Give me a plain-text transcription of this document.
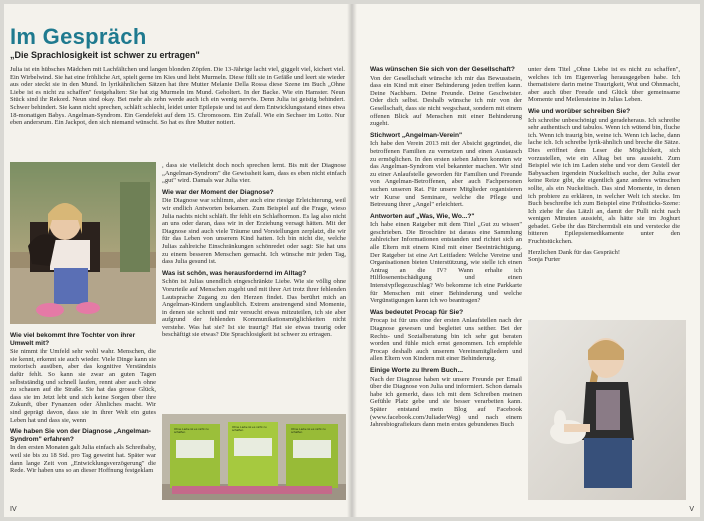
Im Gespräch

„Die Sprachlosigkeit ist schwer zu ertragen"

Julia ist ein hübsches Mädchen mit Lachfältchen und langen blonden Zöpfen. Die 13-Jährige lacht viel, giggelt viel, kichert viel. Ein Wirbelwind. Sie hat eine fröhliche Art, spielt gerne im Kies und liebt Murmeln. Diese füllt sie in Gefäße und leert sie wieder aus oder steckt sie in den Mund. In lyrikähnlichen Sätzen hat ihre Mutter Melanie Della Rossa diese Szene im Buch „Ohne Liebe ist es nicht zu schaffen" festgehalten: Sie hat zig Murmeln im Mund. Geholtert. In der Backe. Wie ein Hamster. Neun Stück sind ihr Rekord. Neun sind okay. Bei mehr als zehn werde auch ich ein wenig nervös. Denn Julia ist geistig behindert. Schwer behindert. Sie kann nicht sprechen, schläft schlecht, leidet unter Epilepsie und ist auf dem Entwicklungsstand eines etwa 18-monatigen Babys. Angelman-Syndrom. Ein Gendefekt auf dem 15. Chromosom. Ein Zufall. Wie ein Sechser im Lotto. Nur eben andersrum. Ein Jackpot, den sich niemand wünscht. So hat es ihre Mutter notiert.

, dass sie vielleicht doch noch sprechen lernt. Bis mit der Diagnose „Angelman-Syndrom" die Gewissheit kam, dass es eben nicht einfach „gut" wird. Damals war Julia vier.

Wie war der Moment der Diagnose?

Die Diagnose war schlimm, aber auch eine riesige Erleichterung, weil wir endlich Antworten bekamen. Zum Beispiel auf die Frage, wieso Julia nachts nicht schläft. Ihr fehlt ein Schlafhormon. Es lag also nicht an uns oder daran, dass wir in der Erziehung versagt hätten. Mit der Diagnose sind auch viele Träume und Vorstellungen zerplatzt, die wir für das Leben von unserem Kind hatten. Ich bin nicht die, welche Julias zahlreiche Einschränkungen schönredet oder sagt: Sie hat uns zu einem besseren Menschen gemacht. Ich wünsche mir jeden Tag, dass Julia gesund ist.

Was ist schön, was herausfordernd im Alltag?

Schön ist Julias unendlich eingeschränkte Liebe. Wie sie völlig ohne Vorurteile auf Menschen zugeht und mit ihrer Art trotz ihrer fehlenden Lautsprache Zugang zu den Herzen findet. Das berührt mich an Angelman-Kindern unglaublich. Extrem anstrengend sind Momente, in denen sie schreit und mir versucht etwas mitzuteilen, ich sie aber aufgrund der fehlenden Kommunikationsmöglichkeiten nicht verstehe. Was hat sie? Ist sie traurig? Hat sie etwas traurig oder beschäftigt sie etwas? Die Sprachlosigkeit ist schwer zu ertragen.

Wie viel bekommt Ihre Tochter von ihrer Umwelt mit?

Sie nimmt ihr Umfeld sehr wohl wahr. Menschen, die sie kennt, erkennt sie auch wieder. Viele Dinge kann sie motorisch ausüben, aber das kognitive Verständnis dafür fehlt. So kann sie zwar an guten Tagen selbstständig und schnell laufen, rennt aber auch ohne zu schauen auf die Straße. Sie hat das grosse Glück, dass sie im Jetzt lebt und sich keine Sorgen über ihre Zukunft, über Fynanzen oder Ähnliches macht. Wir sind geprägt davon, dass sie in ihrer Welt ein gutes Leben hat und dass sie, wenn

Wie haben Sie von der Diagnose „Angelman-Syndrom" erfahren?

In den ersten Monaten galt Julia einfach als Schreibaby, weil sie bis zu 18 Std. pro Tag geweint hat. Später war dann lange Zeit von „Entwicklungsverzögerung" die Rede. Wir haben uns so an dieser Hoffnung festgeklam

Ohne Liebe ist es nicht zu schaffen
Ohne Liebe ist es nicht zu schaffen	Ohne Liebe ist es nicht zu schaffen
IV

Was wünschen Sie sich von der Gesellschaft?

Von der Gesellschaft wünsche ich mir das Bewusstsein, dass ein Kind mit einer Behinderung jeden treffen kann. Deine Nachbarn. Deine Freunde. Deine Geschwister. Oder dich selbst. Deshalb wünsche ich mir von der Gesellschaft, dass sie nicht wegschaut, sondern mit einem offenen Blick auf Menschen mit einer Behinderung zugeht.

Stichwort „Angelman-Verein"

Ich habe den Verein 2013 mit der Absicht gegründet, die betroffenen Familien zu vernetzen und einen Austausch zu ermöglichen. In den ersten sieben Jahren konnten wir das Angelman-Syndrom viel bekannter machen. Wir sind zu einer Anlaufstelle geworden für Familien und Freunde von Angelman-Betroffenen, aber auch Fachpersonen suchen unseren Rat. Für unsere Mitglieder organisieren wir Kurse und Seminare, welche die Pflege und Betreuung ihrer „Angel" erleichtert.

Antworten auf „Was, Wie, Wo...?"

Ich habe einen Ratgeber mit dem Titel „Gut zu wissen" geschrieben. Die Broschüre ist daraus eine Sammlung zahlreicher Informationen entstanden und richtet sich an alle Eltern mit einem Kind mit einer Beeinträchtigung. Der Ratgeber ist eine Art Leitfaden: Welche Vereine und Organisationen bieten Unterstützung, wie stelle ich einen Antrag an die IV? Wann erhalte ich Hilflosenentschädigung und einen Intensivpflegezuschlag? Wo bekomme ich eine Parkkarte für Menschen mit einer Behinderung und welche Vergünstigungen kann ich wo beantragen?

Was bedeutet Procap für Sie?

Procap ist für uns eine der ersten Anlaufstellen nach der Diagnose gewesen und begleitet uns seither. Bei der Rechts- und Sozialberatung bin ich sehr gut beraten worden und fühle mich ernst genommen. Ich empfehle Procap deshalb auch unserem Vereinsmitgliedern und allen Eltern von Kindern mit einer Behinderung.

Einige Worte zu Ihrem Buch...

Nach der Diagnose haben wir unsere Freunde per Email über die Diagnose von Julia und informiert. Schon damals habe ich gemerkt, dass ich mit dem Schreiben meinen Gefühle Platz gebe und sie besser verarbeiten kann. Später entstand mein Blog auf Facebook (www.facebook.com/JuliaderWeg) und nach einem Jahresbiografiekurs dann mein erstes gebundenes Buch

unter dem Titel „Ohne Liebe ist es nicht zu schaffen", welches ich im Eigenverlag herausgegeben habe. Ich thematisiere darin meine Traurigkeit, Wut und Ohnmacht, aber auch über Freude und Glück über gemeinsame Momente und Meilensteine in Julias Leben.

Wie und worüber schreiben Sie?

Ich schreibe unbeschönigt und geradeheraus. Ich schreibe sehr authentisch und tabulos. Wenn ich wütend bin, fluche ich. Wenn ich traurig bin, weine ich. Wenn ich lache, dann lache ich. Ich schreibe lyrik-ähnlich und breche die Sätze. Dies eröffnet dem Leser die Möglichkeit, sich vorzustellen, wie ein Alltag bei uns aussieht. Zum Beispiel wie ich im Laden stehe und vor dem Gestell der Babysachen irgendein Nuckeltisch suche, der Julia zwar keine Reize gibt, die eigentlich ganz anderes wünschen sollte, als ein Nuckeltisch. Das sind Momente, in denen ich probiere zu erklären, in welcher Welt ich stecke. Im Buch beschreibe ich zum Beispiel eine Frühstücks-Szene: Ich ziehe ihr das Lätzli an, damit der Pulli nicht nach wenigen Minuten aussieht, als hätte sie im Joghurt gebadet. Gebe ihr das Birchermüsli ein und verstecke die bitteren Epilepsiemedikamente unter den Fruchtstückchen.

Herzlichen Dank für das Gespräch!

Sonja Furter

V
